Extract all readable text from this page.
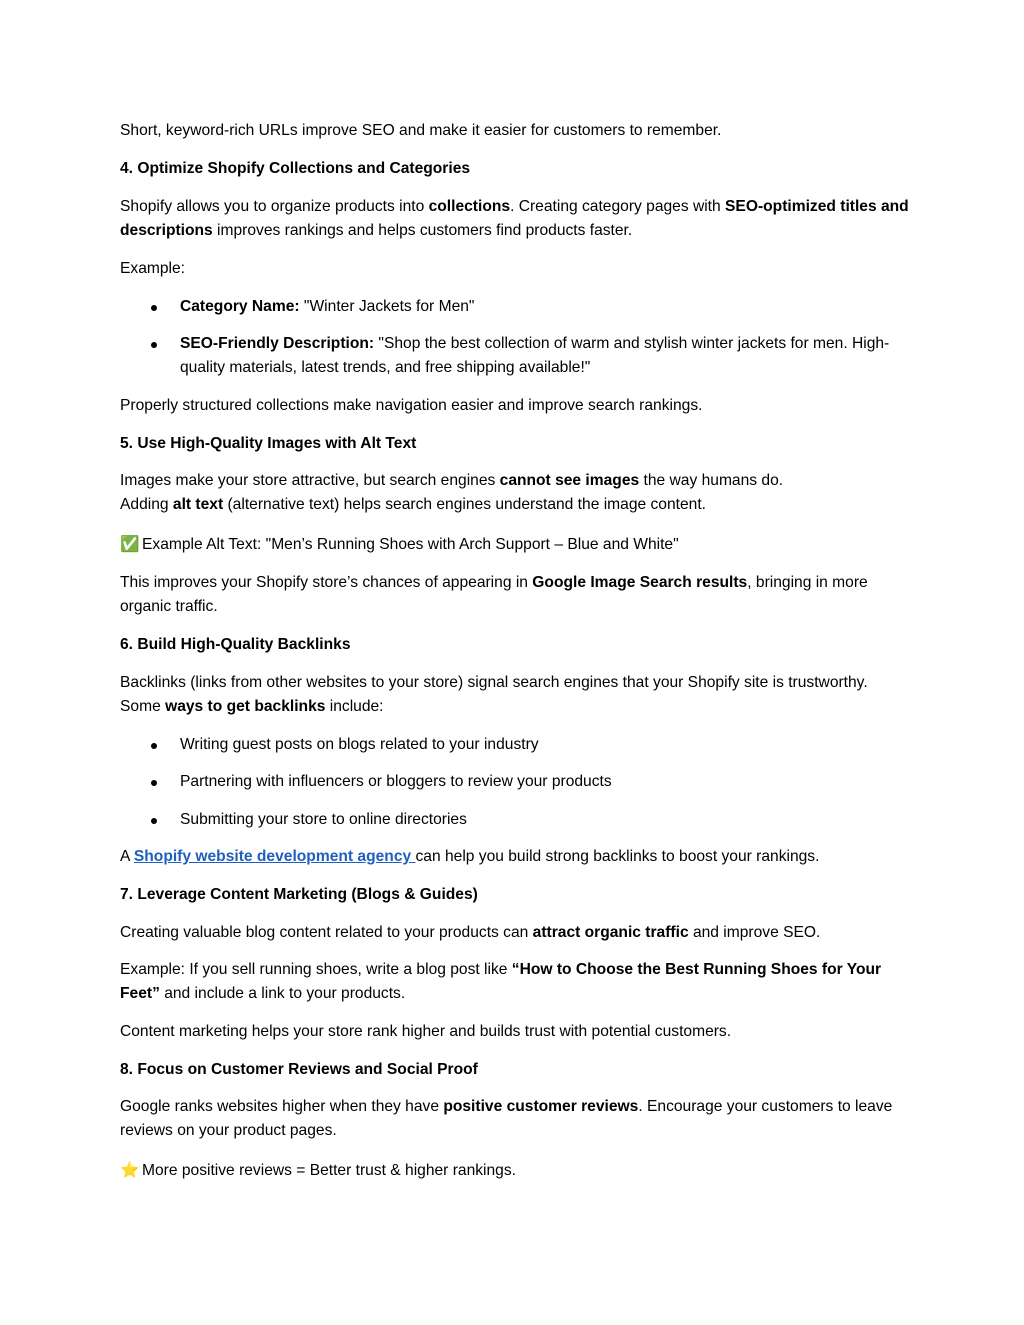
Short, keyword-rich URLs improve SEO and make it easier for customers to remember.

4. Optimize Shopify Collections and Categories

Shopify allows you to organize products into collections. Creating category pages with SEO-optimized titles and descriptions improves rankings and helps customers find products faster.

Example:

Category Name: "Winter Jackets for Men"
SEO-Friendly Description: "Shop the best collection of warm and stylish winter jackets for men. High-quality materials, latest trends, and free shipping available!"

Properly structured collections make navigation easier and improve search rankings.

5. Use High-Quality Images with Alt Text

Images make your store attractive, but search engines cannot see images the way humans do.
Adding alt text (alternative text) helps search engines understand the image content.

✅ Example Alt Text: "Men’s Running Shoes with Arch Support – Blue and White"

This improves your Shopify store’s chances of appearing in Google Image Search results, bringing in more organic traffic.

6. Build High-Quality Backlinks

Backlinks (links from other websites to your store) signal search engines that your Shopify site is trustworthy. Some ways to get backlinks include:

Writing guest posts on blogs related to your industry
Partnering with influencers or bloggers to review your products
Submitting your store to online directories

A Shopify website development agency can help you build strong backlinks to boost your rankings.

7. Leverage Content Marketing (Blogs & Guides)

Creating valuable blog content related to your products can attract organic traffic and improve SEO.

Example: If you sell running shoes, write a blog post like “How to Choose the Best Running Shoes for Your Feet” and include a link to your products.

Content marketing helps your store rank higher and builds trust with potential customers.

8. Focus on Customer Reviews and Social Proof

Google ranks websites higher when they have positive customer reviews. Encourage your customers to leave reviews on your product pages.

⭐ More positive reviews = Better trust & higher rankings.
